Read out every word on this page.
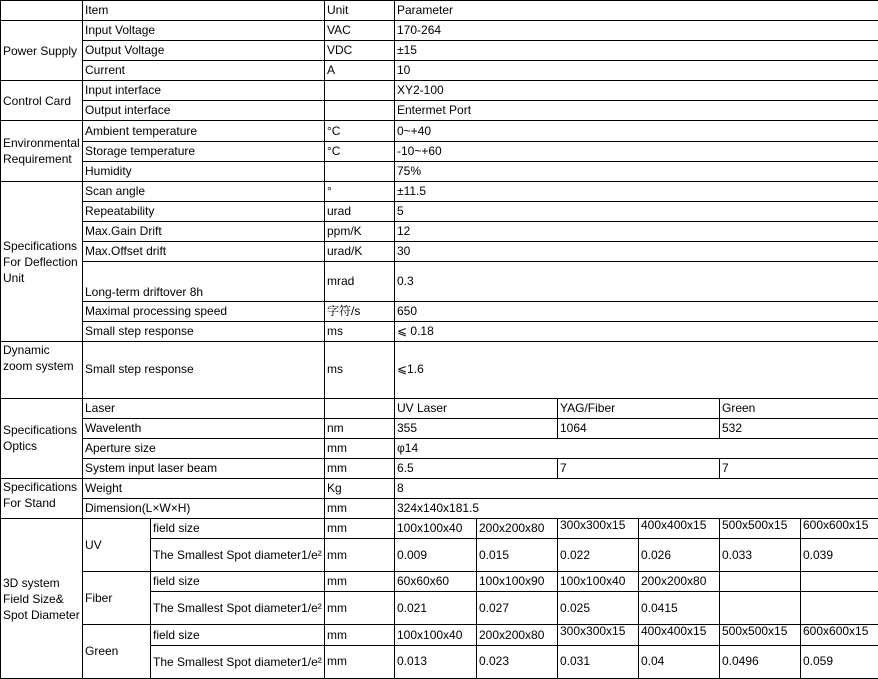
	Item		Unit	Parameter					
Power Supply	Input Voltage		VAC	170-264					
	Output Voltage		VDC	±15					
	Current		A	10					
Control Card	Input interface			XY2-100					
	Output interface			Entermet Port					
Environmental Requirement	Ambient temperature		°C	0~+40					
	Storage temperature		°C	-10~+60					
	Humidity			75%					
Specifications For Deflection Unit	Scan angle		°	±11.5					
	Repeatability		urad	5					
	Max.Gain Drift		ppm/K	12					
	Max.Offset drift		urad/K	30					
	Long-term driftover 8h		mrad	0.3					
	Maximal processing speed		字符/s	650					
	Small step response		ms	⩽ 0.18					
Dynamic zoom system	Small step response		ms	⩽1.6					
Specifications Optics	Laser			UV Laser		YAG/Fiber		Green	
	Wavelenth		nm	355		1064		532	
	Aperture size		mm	φ14					
	System input laser beam		mm	6.5		7		7	
Specifications For Stand	Weight		Kg	8					
	Dimension(L×W×H)		mm	324x140x181.5					
3D system Field Size& Spot Diameter	UV	field size	mm	100x100x40	200x200x80	300x300x15	400x400x15	500x500x15	600x600x15
		The Smallest Spot diameter1/e²	mm	0.009	0.015	0.022	0.026	0.033	0.039
	Fiber	field size	mm	60x60x60	100x100x90	100x100x40	200x200x80		
		The Smallest Spot diameter1/e²	mm	0.021	0.027	0.025	0.0415		
	Green	field size	mm	100x100x40	200x200x80	300x300x15	400x400x15	500x500x15	600x600x15
		The Smallest Spot diameter1/e²	mm	0.013	0.023	0.031	0.04	0.0496	0.059
